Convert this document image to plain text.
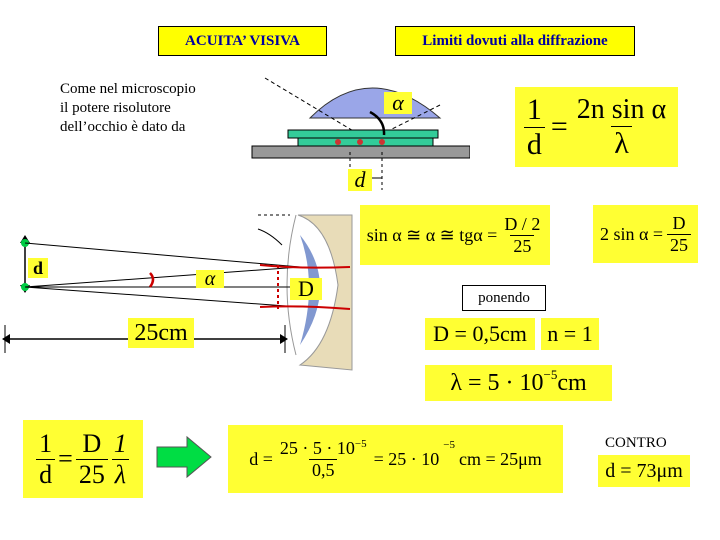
ACUITA’ VISIVA	Limiti dovuti alla diffrazione
Come nel microscopio
il potere risolutore
dell’occhio è dato da
α
d
$\frac{1}{d} = \frac{\text{2n sin α}}{\lambda}$
d	α	D
25cm
sin α ≅ α ≅ $tg\alpha = \frac{D / 2}{25}$	2 $\sin \alpha = \frac{D}{25}$
ponendo
D = 0,5cm n = 1
$\lambda = 5 \cdot 10^{-5}$ cm
$\frac{1}{d} = \frac{D}{25} \frac{1}{\lambda}$	$d = \frac{25 \cdot 5 \cdot 10^{-5}}{0,5} = 25 \cdot 10$
$^{-5}$
cm = 25μm
CONTRO
d = 73μm
